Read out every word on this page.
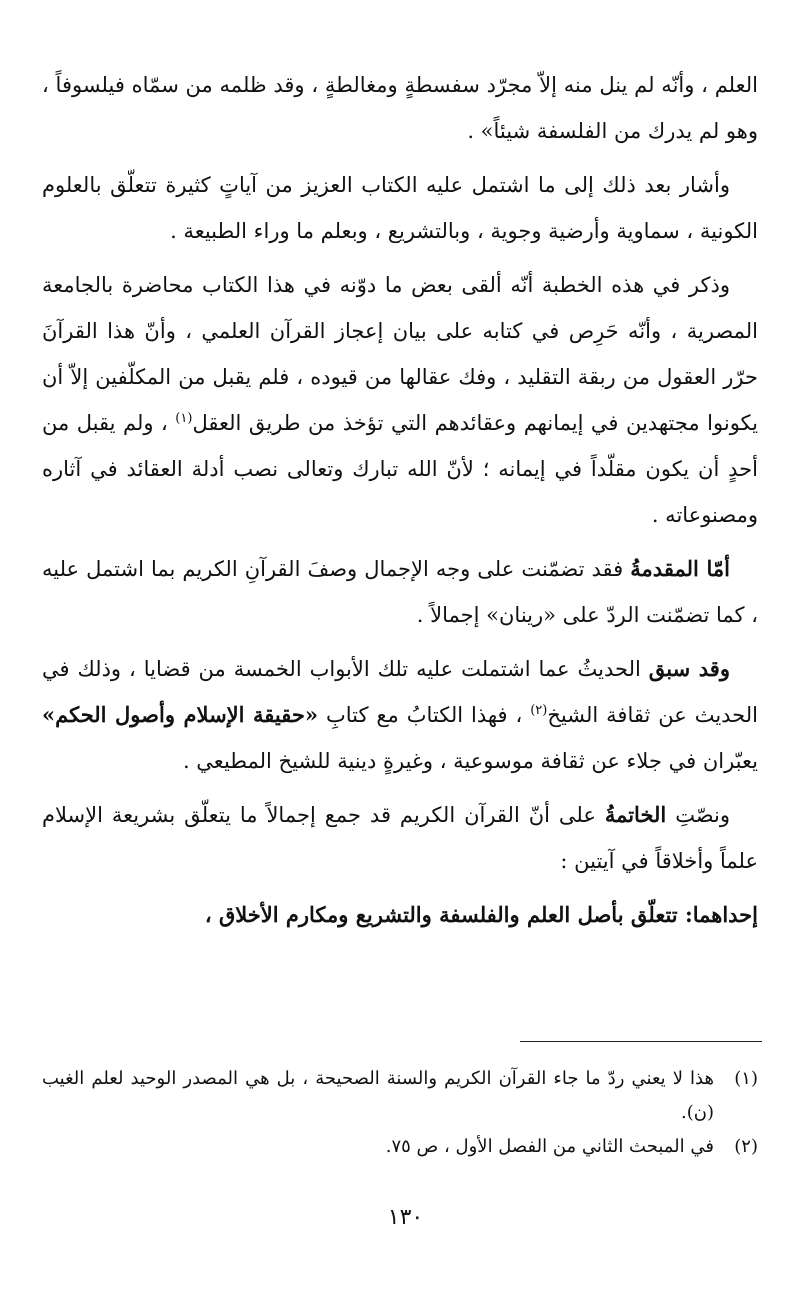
العلم ، وأنّه لم ينل منه إلاّ مجرّد سفسطةٍ ومغالطةٍ ، وقد ظلمه من سمّاه فيلسوفاً ، وهو لم يدرك من الفلسفة شيئاً» .

وأشار بعد ذلك إلى ما اشتمل عليه الكتاب العزيز من آياتٍ كثيرة تتعلّق بالعلوم الكونية ، سماوية وأرضية وجوية ، وبالتشريع ، وبعلم ما وراء الطبيعة .

وذكر في هذه الخطبة أنّه ألقى بعض ما دوّنه في هذا الكتاب محاضرة بالجامعة المصرية ، وأنّه حَرِص في كتابه على بيان إعجاز القرآن العلمي ، وأنّ هذا القرآنَ حرّر العقول من ربقة التقليد ، وفك عقالها من قيوده ، فلم يقبل من المكلّفين إلاّ أن يكونوا مجتهدين في إيمانهم وعقائدهم التي تؤخذ من طريق العقل$^{(١)}$ ، ولم يقبل من أحدٍ أن يكون مقلّداً في إيمانه ؛ لأنّ الله تبارك وتعالى نصب أدلة العقائد في آثاره ومصنوعاته .

أمّا المقدمةُ فقد تضمّنت على وجه الإجمال وصفَ القرآنِ الكريم بما اشتمل عليه ، كما تضمّنت الردّ على «رينان» إجمالاً .

وقد سبق الحديثُ عما اشتملت عليه تلك الأبواب الخمسة من قضايا ، وذلك في الحديث عن ثقافة الشيخ$^{(٢)}$ ، فهذا الكتابُ مع كتابِ «حقيقة الإسلام وأصول الحكم» يعبّران في جلاء عن ثقافة موسوعية ، وغيرةٍ دينية للشيخ المطيعي .

ونصّتِ الخاتمةُ على أنّ القرآن الكريم قد جمع إجمالاً ما يتعلّق بشريعة الإسلام علماً وأخلاقاً في آيتين :

إحداهما: تتعلّق بأصل العلم والفلسفة والتشريع ومكارم الأخلاق ،

(١)
هذا لا يعني ردّ ما جاء القرآن الكريم والسنة الصحيحة ، بل هي المصدر الوحيد لعلم الغيب (ن).
(٢)
في المبحث الثاني من الفصل الأول ، ص ٧٥.
١٣٠
